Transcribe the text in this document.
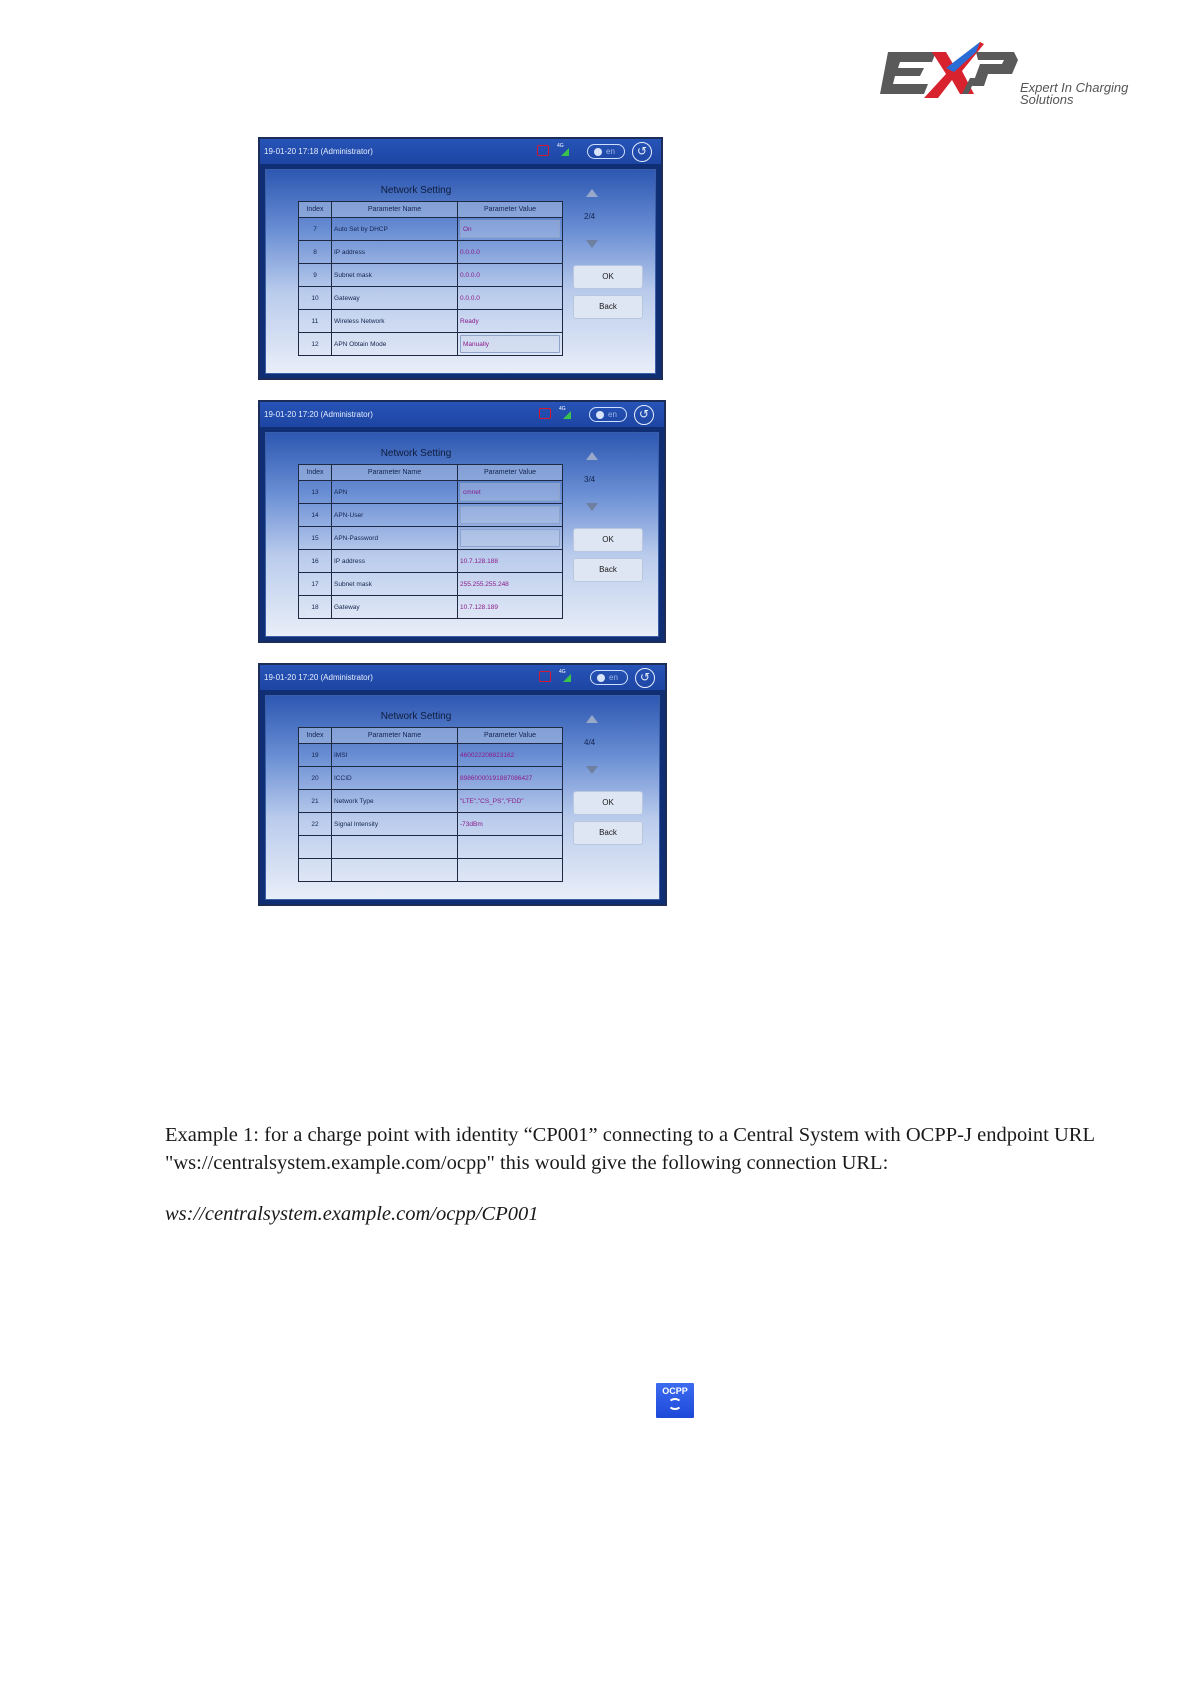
Expert In Charging
Solutions
19-01-20 17:18 (Administrator)
4G
en	↺
Network Setting
Index	Parameter Name	Parameter Value
7	Auto Set by DHCP	On

8	IP address	0.0.0.0
9	Subnet mask	0.0.0.0
10	Gateway	0.0.0.0
11	Wireless Network	Ready
12	APN Obtain Mode	Manually
2/4
OK
Back
19-01-20 17:20 (Administrator)
4G
en	↺
Network Setting
Index	Parameter Name	Parameter Value
13	APN	cmnet

14	APN-User	

15	APN-Password	

16	IP address	10.7.128.188
17	Subnet mask	255.255.255.248
18	Gateway	10.7.128.189
3/4
OK
Back
19-01-20 17:20 (Administrator)
4G
en	↺
Network Setting
Index	Parameter Name	Parameter Value
19	IMSI	460022208823162
20	ICCID	89860000191887086427
21	Network Type	"LTE","CS_PS","FDD"
22	Signal Intensity	-73dBm

4/4
OK
Back

Example 1: for a charge point with identity “CP001” connecting to a Central System with OCPP-J endpoint URL "ws://centralsystem.example.com/ocpp" this would give the following connection URL:

ws://centralsystem.example.com/ocpp/CP001
OCPP
